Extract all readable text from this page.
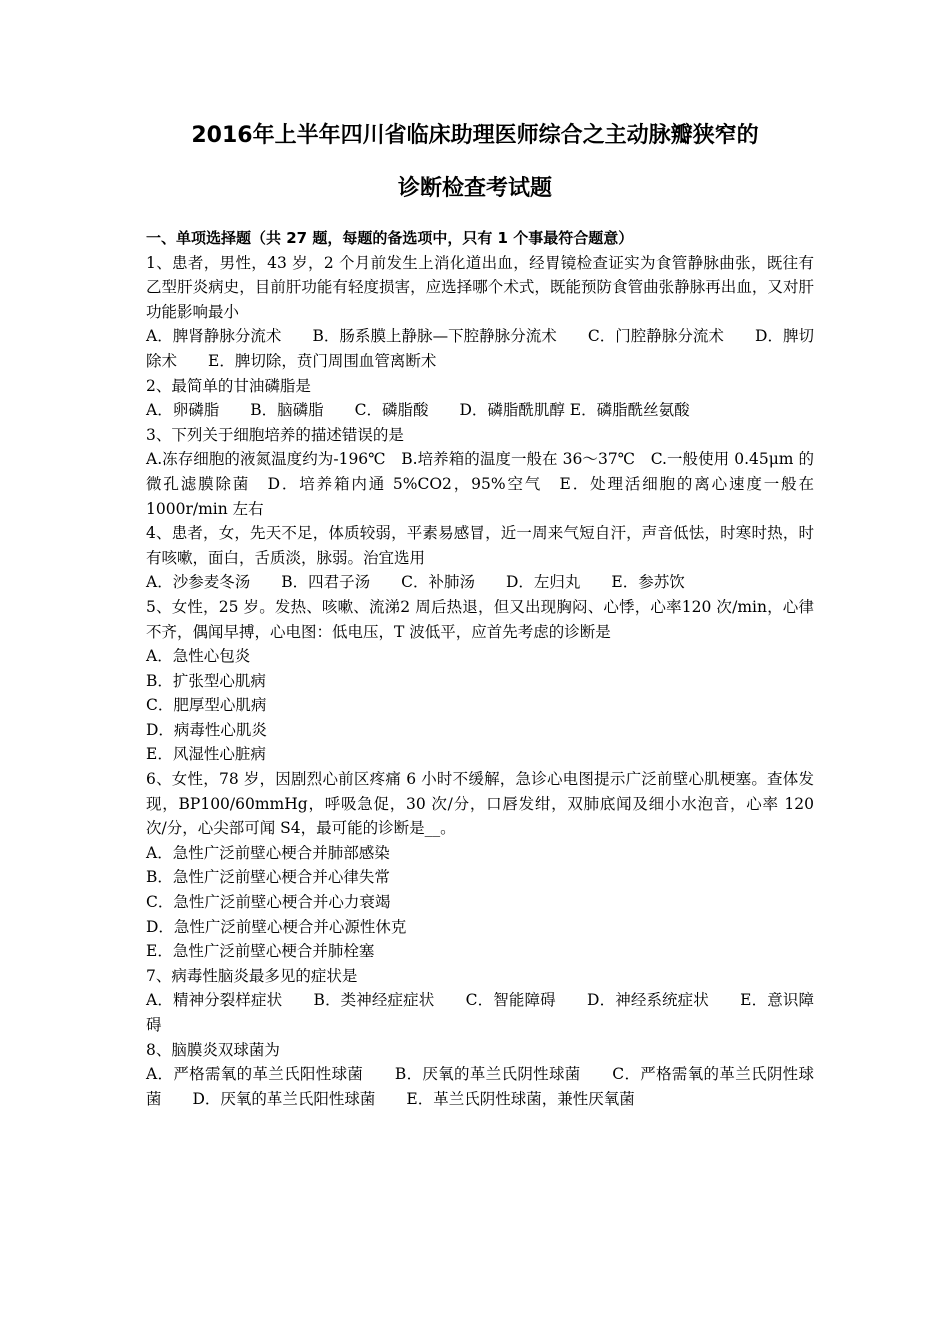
2016年上半年四川省临床助理医师综合之主动脉瓣狭窄的
诊断检查考试题

一、单项选择题（共 27 题，每题的备选项中，只有 1 个事最符合题意）

1、患者，男性，43 岁，2 个月前发生上消化道出血，经胃镜检查证实为食管静脉曲张，既往有乙型肝炎病史，目前肝功能有轻度损害，应选择哪个术式，既能预防食管曲张静脉再出血，又对肝功能影响最小

A．脾肾静脉分流术　　B．肠系膜上静脉—下腔静脉分流术　　C．门腔静脉分流术　　D．脾切除术　　E．脾切除，贲门周围血管离断术

2、最简单的甘油磷脂是

A．卵磷脂　　B．脑磷脂　　C．磷脂酸　　D．磷脂酰肌醇 E．磷脂酰丝氨酸

3、下列关于细胞培养的描述错误的是

A.冻存细胞的液氮温度约为-196℃　B.培养箱的温度一般在 36～37℃　C.一般使用 0.45μm 的微孔滤膜除菌　D．培养箱内通 5%CO2，95%空气　E．处理活细胞的离心速度一般在 1000r/min 左右

4、患者，女，先天不足，体质较弱，平素易感冒，近一周来气短自汗，声音低怯，时寒时热，时有咳嗽，面白，舌质淡，脉弱。治宜选用

A．沙参麦冬汤　　B．四君子汤　　C．补肺汤　　D．左归丸　　E．参苏饮

5、女性，25 岁。发热、咳嗽、流涕2 周后热退，但又出现胸闷、心悸，心率120 次/min，心律不齐，偶闻早搏，心电图：低电压，T 波低平，应首先考虑的诊断是

A．急性心包炎

B．扩张型心肌病

C．肥厚型心肌病

D．病毒性心肌炎

E．风湿性心脏病

6、女性，78 岁，因剧烈心前区疼痛 6 小时不缓解，急诊心电图提示广泛前壁心肌梗塞。查体发现，BP100/60mmHg，呼吸急促，30 次/分，口唇发绀，双肺底闻及细小水泡音，心率 120 次/分，心尖部可闻 S4，最可能的诊断是__。

A．急性广泛前壁心梗合并肺部感染

B．急性广泛前壁心梗合并心律失常

C．急性广泛前壁心梗合并心力衰竭

D．急性广泛前壁心梗合并心源性休克

E．急性广泛前壁心梗合并肺栓塞

7、病毒性脑炎最多见的症状是

A．精神分裂样症状　　B．类神经症症状　　C．智能障碍　　D．神经系统症状　　E．意识障碍

8、脑膜炎双球菌为

A．严格需氧的革兰氏阳性球菌　　B．厌氧的革兰氏阴性球菌　　C．严格需氧的革兰氏阴性球菌　　D．厌氧的革兰氏阳性球菌　　E．革兰氏阴性球菌，兼性厌氧菌
